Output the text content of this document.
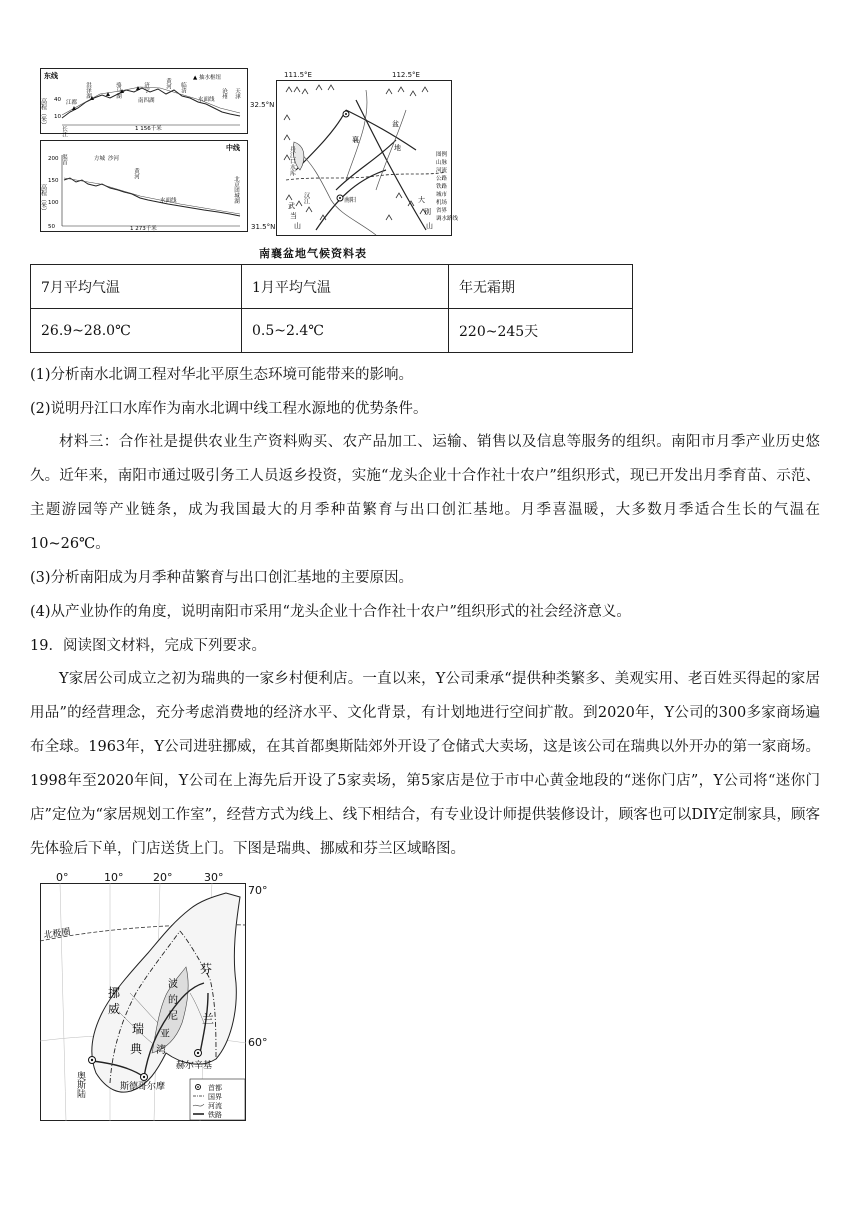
东线
高程（米） 40
10
江都
洪泽湖	骆马湖	济宁	黄河 临清
沧州 天津
▲ 抽水枢纽
水面线
南四湖
长江	1 156千米
32.5°N
中线
高程（米）
200
150
100
50
渠首	方城 沙河
黄河
北京团城湖
水面线
1 273千米	31.5°N
111.5°E	112.5°E
丹江口水库
汉江	南阳
襄
盆
地
大
别
山
武
当
山
图例
山脉
河流
公路
铁路
城市
机场
省界
调水路线
南襄盆地气候资料表
7月平均气温	1月平均气温	年无霜期
26.9~28.0℃	0.5~2.4℃	220~245天
(1)分析南水北调工程对华北平原生态环境可能带来的影响。
(2)说明丹江口水库作为南水北调中线工程水源地的优势条件。
材料三：合作社是提供农业生产资料购买、农产品加工、运输、销售以及信息等服务的组织。南阳市月季产业历史悠久。近年来，南阳市通过吸引务工人员返乡投资，实施“龙头企业十合作社十农户”组织形式，现已开发出月季育苗、示范、主题游园等产业链条，成为我国最大的月季种苗繁育与出口创汇基地。月季喜温暖，大多数月季适合生长的气温在10~26℃。
(3)分析南阳成为月季种苗繁育与出口创汇基地的主要原因。
(4)从产业协作的角度，说明南阳市采用“龙头企业十合作社十农户”组织形式的社会经济意义。
19．阅读图文材料，完成下列要求。
Y家居公司成立之初为瑞典的一家乡村便利店。一直以来，Y公司秉承“提供种类繁多、美观实用、老百姓买得起的家居用品”的经营理念，充分考虑消费地的经济水平、文化背景，有计划地进行空间扩散。到2020年，Y公司的300多家商场遍布全球。1963年，Y公司进驻挪威，在其首都奥斯陆郊外开设了仓储式大卖场，这是该公司在瑞典以外开办的第一家商场。1998年至2020年间，Y公司在上海先后开设了5家卖场，第5家店是位于市中心黄金地段的“迷你门店”，Y公司将“迷你门店”定位为“家居规划工作室”，经营方式为线上、线下相结合，有专业设计师提供装修设计，顾客也可以DIY定制家具，顾客先体验后下单，门店送货上门。下图是瑞典、挪威和芬兰区域略图。
0°	10°	20°	30°
70°
60°
北极圈
挪
威
瑞
典
芬
兰
波
的
尼
亚
湾
奥斯陆	斯德哥尔摩
赫尔辛基
首都
国界
河流
铁路
